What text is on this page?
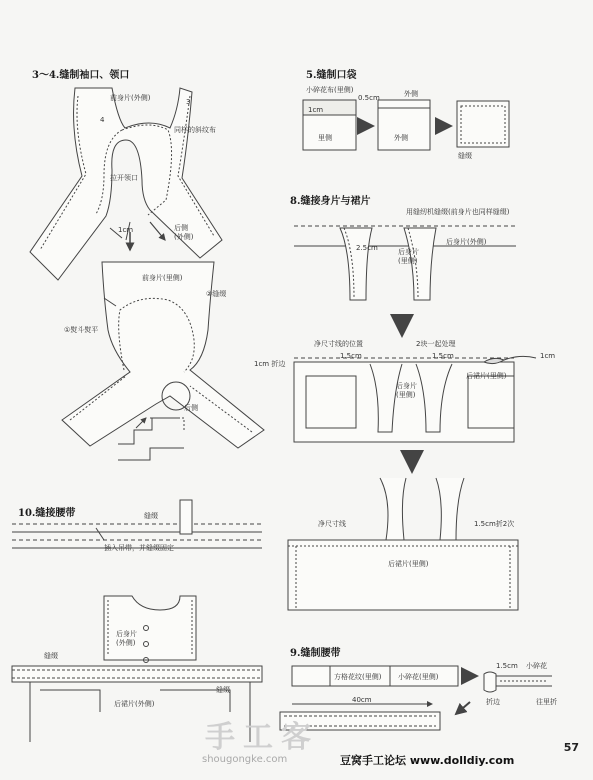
3～4.缝制袖口、领口	5.缝制口袋
8.缝接身片与裙片
10.缝接腰带
9.缝制腰带
前身片(外侧)	3
4
同样的斜纹布
拉开领口
后侧(外侧)
1cm
前身片(里侧)
②缝缀
①熨斗熨平
后侧
小碎花布(里侧)
0.5cm	外侧
1cm
里侧	外侧
缝缀
用缝纫机缝缀(前身片也同样缝缀)
2.5cm	后身片(里侧)
后身片(外侧)
净尺寸线的位置	2块一起处理
1cm 折边
1.5cm	1.5cm
后身片(里侧)
后裙片(里侧)
1cm
净尺寸线	1.5cm折2次
后裙片(里侧)
缝缀
插入吊带，并缝缀固定
后身片(外侧)
缝缀
缝缀
后裙片(外侧)
方格花纹(里侧) 小碎花(里侧)
1.5cm 小碎花
折边	往里折
40cm
手工客
shougongke.com	豆窝手工论坛 www.dolldiy.com
57
